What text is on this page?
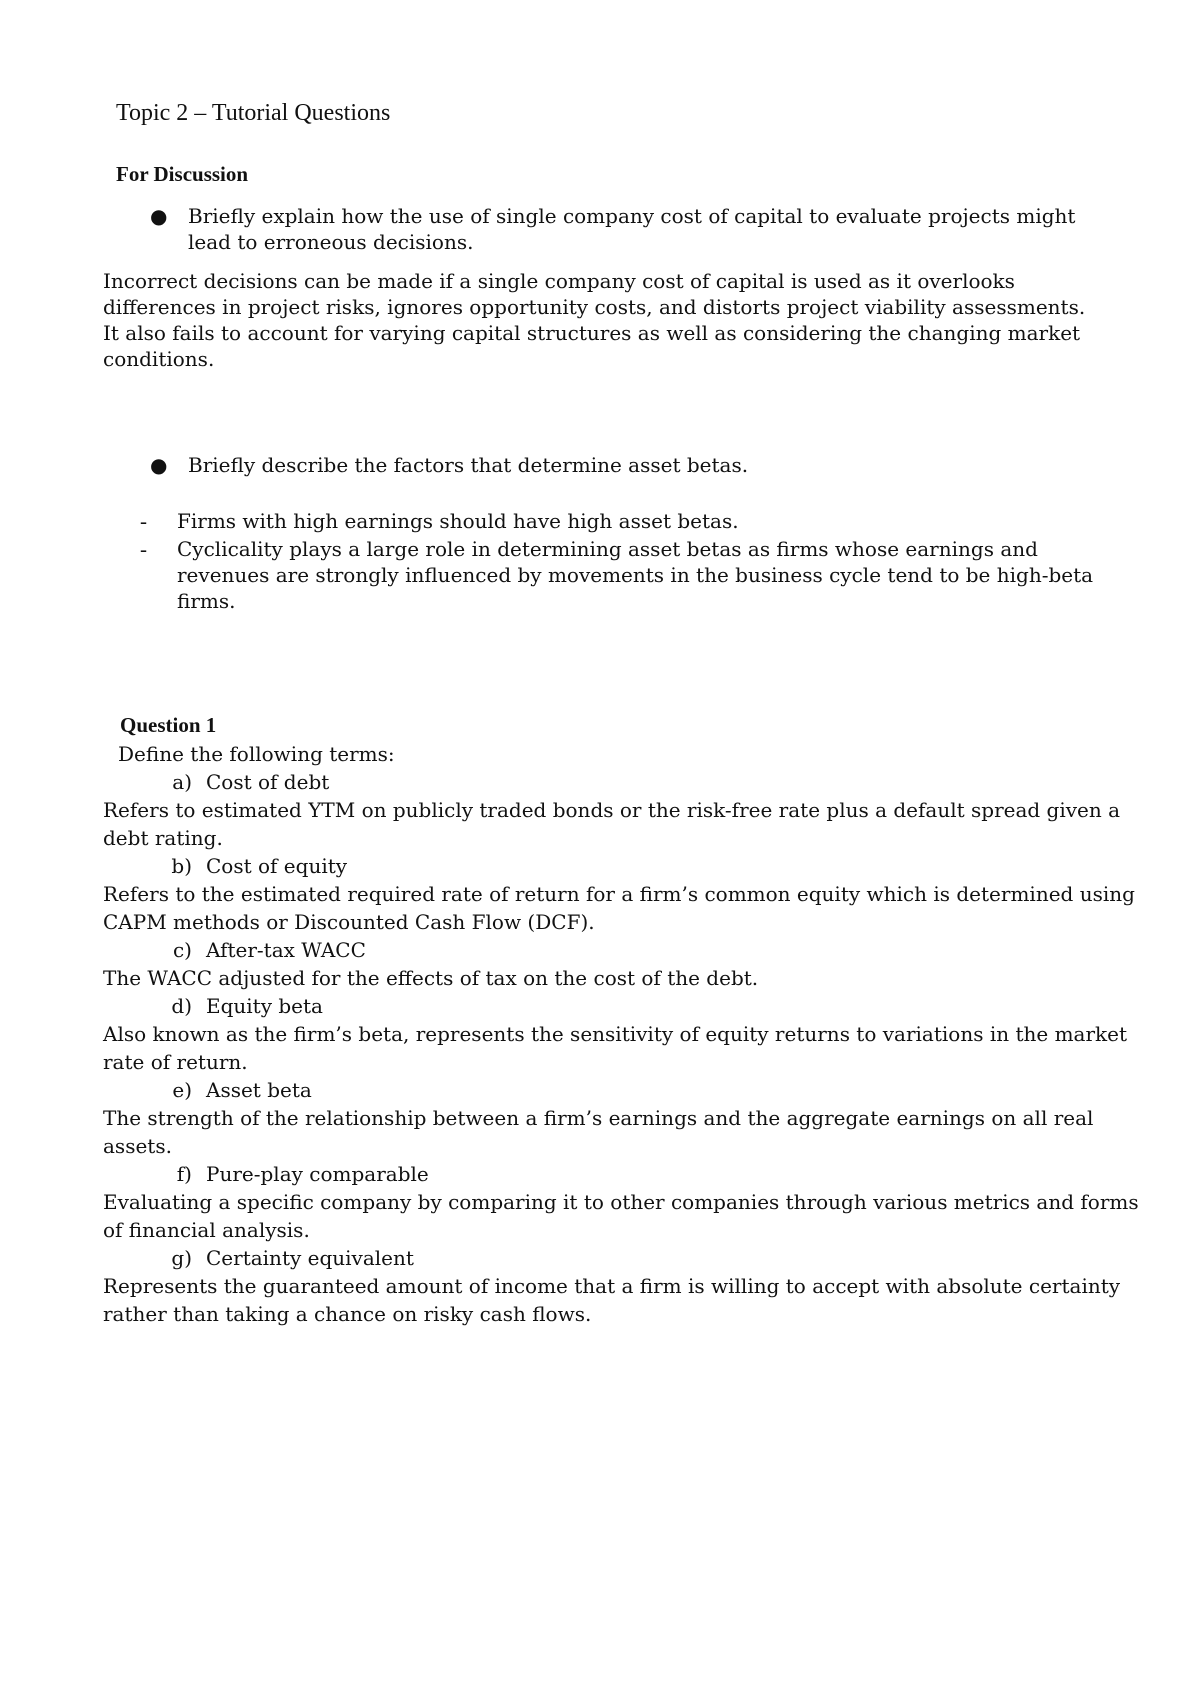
Topic 2 – Tutorial Questions
For Discussion
● Briefly explain how the use of single company cost of capital to evaluate projects might lead to erroneous decisions.

Incorrect decisions can be made if a single company cost of capital is used as it overlooks differences in project risks, ignores opportunity costs, and distorts project viability assessments. It also fails to account for varying capital structures as well as considering the changing market conditions.

● Briefly describe the factors that determine asset betas.
- Firms with high earnings should have high asset betas.
- Cyclicality plays a large role in determining asset betas as firms whose earnings and revenues are strongly influenced by movements in the business cycle tend to be high-beta firms.
Question 1
Define the following terms:
a) Cost of debt
Refers to estimated YTM on publicly traded bonds or the risk-free rate plus a default spread given a
debt rating.
b) Cost of equity
Refers to the estimated required rate of return for a firm’s common equity which is determined using
CAPM methods or Discounted Cash Flow (DCF).
c) After-tax WACC
The WACC adjusted for the effects of tax on the cost of the debt.
d) Equity beta
Also known as the firm’s beta, represents the sensitivity of equity returns to variations in the market
rate of return.
e) Asset beta
The strength of the relationship between a firm’s earnings and the aggregate earnings on all real
assets.
f) Pure-play comparable
Evaluating a specific company by comparing it to other companies through various metrics and forms
of financial analysis.
g) Certainty equivalent
Represents the guaranteed amount of income that a firm is willing to accept with absolute certainty
rather than taking a chance on risky cash flows.
